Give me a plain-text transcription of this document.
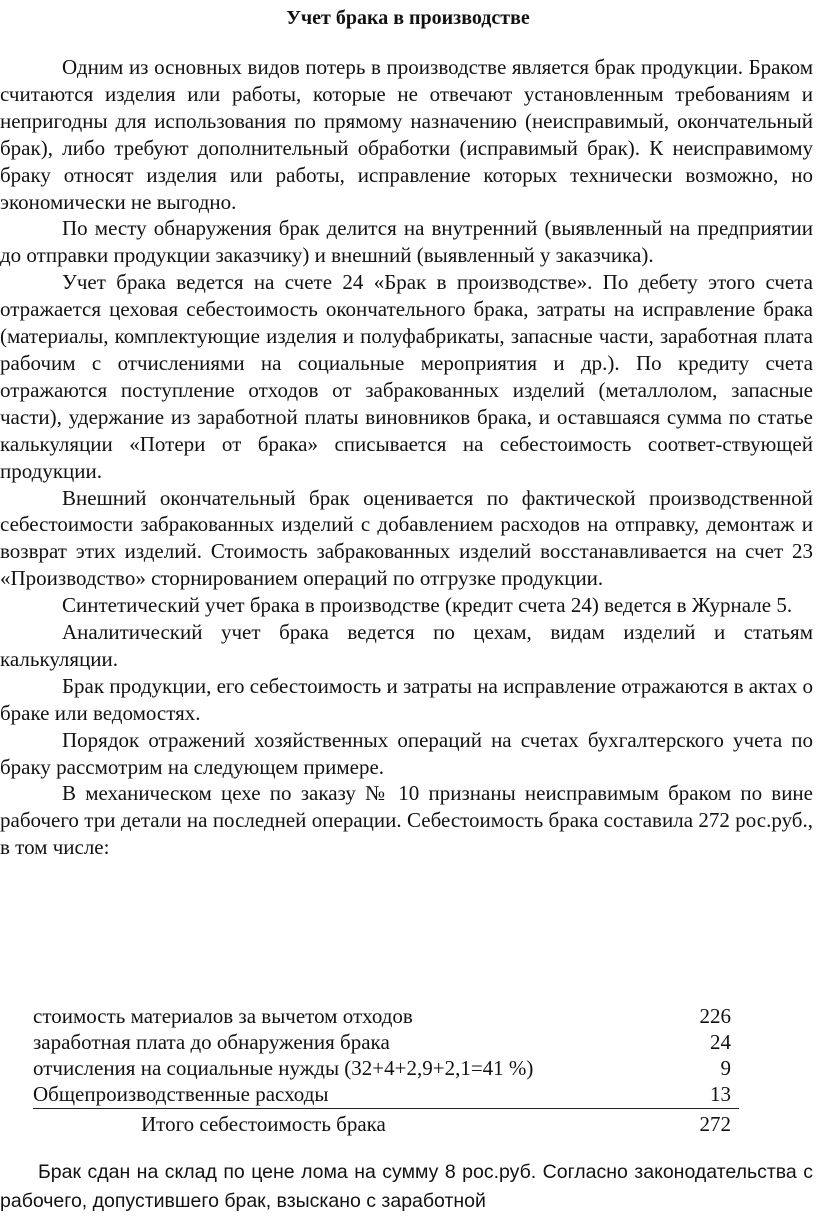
Учет брака в производстве

Одним из основных видов потерь в производстве является брак продукции. Браком считаются изделия или работы, которые не отвечают установленным требованиям и непригодны для использования по прямому назначению (неисправимый, окончательный брак), либо требуют дополнительный обработки (исправимый брак). К неисправимому браку относят изделия или работы, исправление которых технически возможно, но экономически не выгодно.

По месту обнаружения брак делится на внутренний (выявленный на предприятии до отправки продукции заказчику) и внешний (выявленный у заказчика).

Учет брака ведется на счете 24 «Брак в производстве». По дебету этого счета отражается цеховая себестоимость окончательного брака, затраты на исправление брака (материалы, комплектующие изделия и полуфабрикаты, запасные части, заработная плата рабочим с отчислениями на социальные мероприятия и др.). По кредиту счета отражаются поступление отходов от забракованных изделий (металлолом, запасные части), удержание из заработной платы виновников брака, и оставшаяся сумма по статье калькуляции «Потери от брака» списывается на себестоимость соответ-ствующей продукции.

Внешний окончательный брак оценивается по фактической производственной себестоимости забракованных изделий с добавлением расходов на отправку, демонтаж и возврат этих изделий. Стоимость забракованных изделий восстанавливается на счет 23 «Производство» сторнированием операций по отгрузке продукции.

Синтетический учет брака в производстве (кредит счета 24) ведется в Журнале 5.

Аналитический учет брака ведется по цехам, видам изделий и статьям калькуляции.

Брак продукции, его себестоимость и затраты на исправление отражаются в актах о браке или ведомостях.

Порядок отражений хозяйственных операций на счетах бухгалтерского учета по браку рассмотрим на следующем примере.

В механическом цехе по заказу № 10 признаны неисправимым браком по вине рабочего три детали на последней операции. Себестоимость брака составила 272 рос.руб., в том числе:

стоимость материалов за вычетом отходов	226
заработная плата до обнаружения брака	24
отчисления на социальные нужды (32+4+2,9+2,1=41 %)	9
Общепроизводственные расходы	13
Итого себестоимость брака	272

Брак сдан на склад по цене лома на сумму 8 рос.руб. Согласно законодательства с рабочего, допустившего брак, взыскано с заработной
